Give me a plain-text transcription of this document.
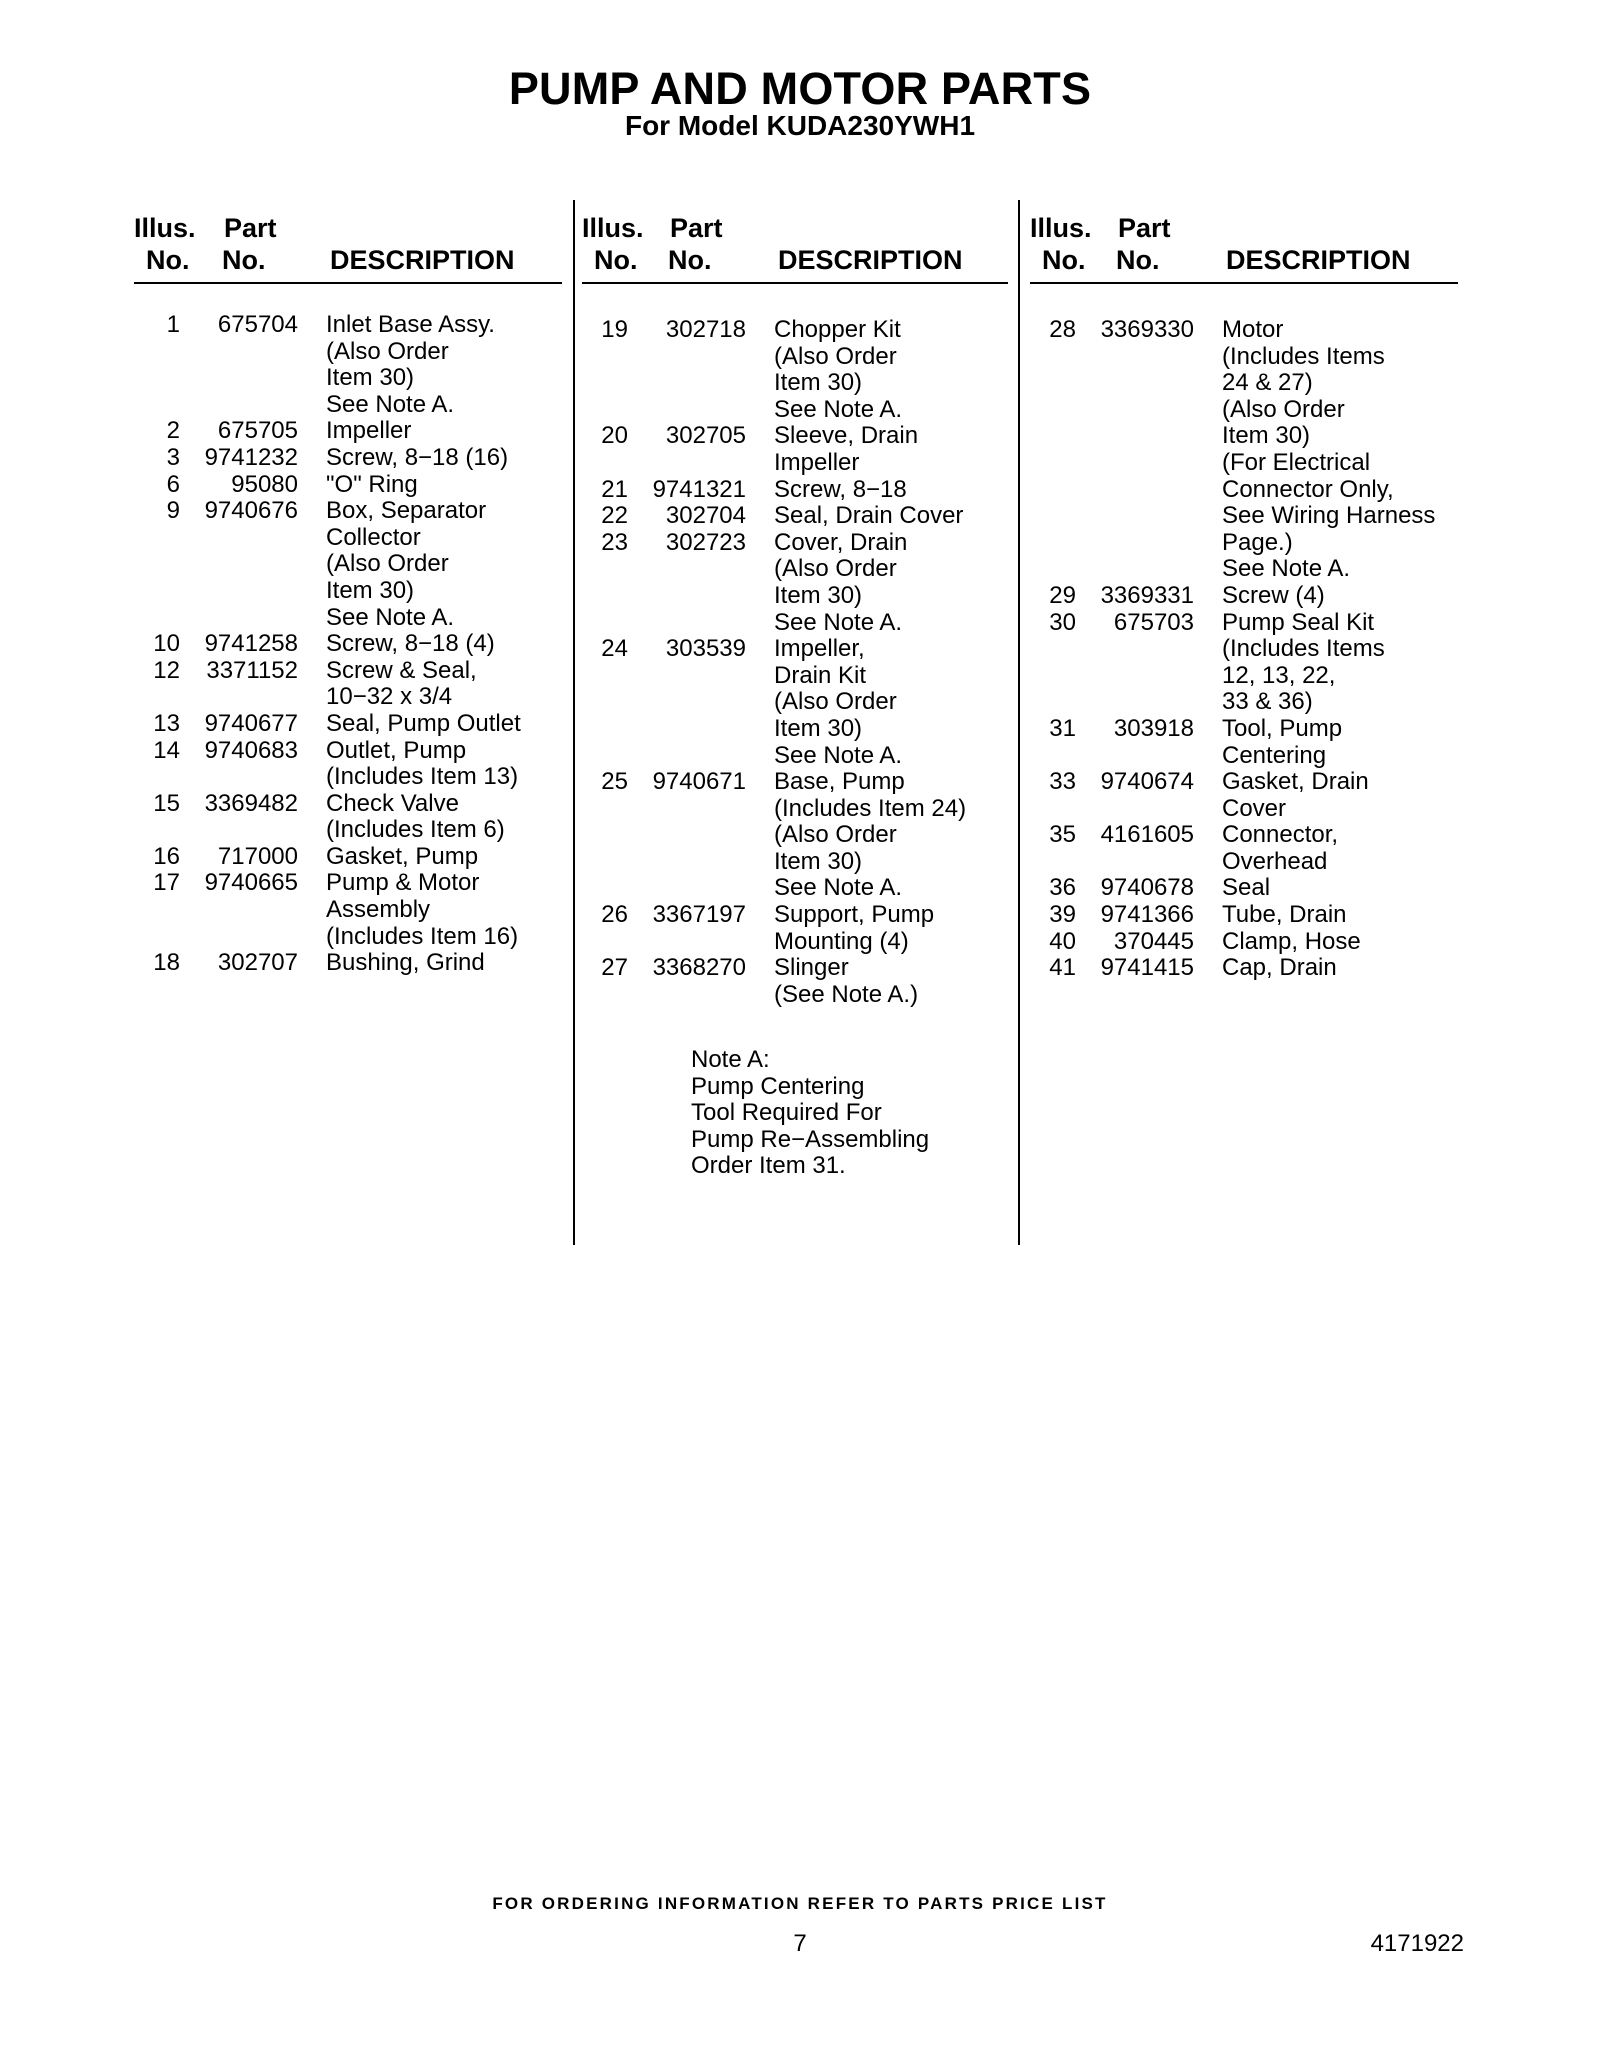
PUMP AND MOTOR PARTS
For Model KUDA230YWH1
Illus.
No.
Part
No. DESCRIPTION
1	675704 Inlet Base Assy.
(Also Order
Item 30)
See Note A.
2	675705 Impeller
3	9741232 Screw, 8−18 (16)
6	95080 "O" Ring
9	9740676 Box, Separator
Collector
(Also Order
Item 30)
See Note A.
10	9741258 Screw, 8−18 (4)
12	3371152 Screw & Seal,
10−32 x 3/4
13	9740677 Seal, Pump Outlet
14	9740683 Outlet, Pump
(Includes Item 13)
15	3369482 Check Valve
(Includes Item 6)
16	717000 Gasket, Pump
17	9740665 Pump & Motor
Assembly
(Includes Item 16)
18	302707 Bushing, Grind
Illus.
No.
Part
No. DESCRIPTION
19	302718 Chopper Kit
(Also Order
Item 30)
See Note A.
20	302705 Sleeve, Drain
Impeller
21	9741321 Screw, 8−18
22	302704 Seal, Drain Cover
23	302723 Cover, Drain
(Also Order
Item 30)
See Note A.
24	303539 Impeller,
Drain Kit
(Also Order
Item 30)
See Note A.
25	9740671 Base, Pump
(Includes Item 24)
(Also Order
Item 30)
See Note A.
26	3367197 Support, Pump
Mounting (4)
27	3368270 Slinger
(See Note A.)
Note A:
Pump Centering
Tool Required For
Pump Re−Assembling
Order Item 31.
Illus.
No.
Part
No. DESCRIPTION
28	3369330 Motor
(Includes Items
24 & 27)
(Also Order
Item 30)
(For Electrical
Connector Only,
See Wiring Harness
Page.)
See Note A.
29	3369331 Screw (4)
30	675703 Pump Seal Kit
(Includes Items
12, 13, 22,
33 & 36)
31	303918 Tool, Pump
Centering
33	9740674 Gasket, Drain
Cover
35	4161605 Connector,
Overhead
36	9740678 Seal
39	9741366 Tube, Drain
40	370445 Clamp, Hose
41	9741415 Cap, Drain
FOR ORDERING INFORMATION REFER TO PARTS PRICE LIST
7	4171922
